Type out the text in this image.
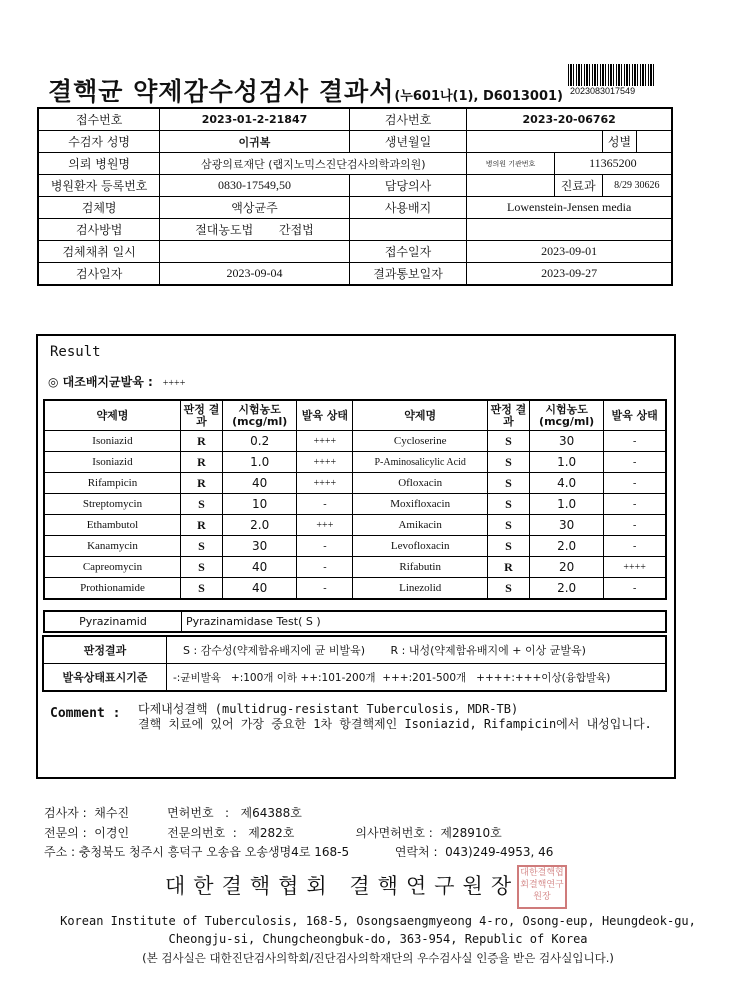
결핵균 약제감수성검사 결과서(누601나(1), D6013001) 2023083017549
접수번호	2023-01-2-21847	검사번호	2023-20-06762		
수검자 성명	이귀복	생년월일			성별

의뢰 병원명	삼광의료재단 (랩지노믹스진단검사의학과의원)		병의원 기관번호	11365200	
병원환자 등록번호	0830-17549,50	담당의사		진료과	8/29 30626
검체명	액상균주	사용배지	Lowenstein-Jensen media		
검사방법	절대농도법 간접법				
검체채취 일시		접수일자	2023-09-01		
검사일자	2023-09-04	결과통보일자	2023-09-27		
Result
◎ 대조배지균발육 : ++++
약제명	판정 결과	시험농도 (mcg/ml)	발육 상태	약제명	판정 결과	시험농도 (mcg/ml)	발육 상태
Isoniazid	R	0.2	++++	Cycloserine	S	30	-
Isoniazid	R	1.0	++++	P-Aminosalicylic Acid	S	1.0	-
Rifampicin	R	40	++++	Ofloxacin	S	4.0	-
Streptomycin	S	10	-	Moxifloxacin	S	1.0	-
Ethambutol	R	2.0	+++	Amikacin	S	30	-
Kanamycin	S	30	-	Levofloxacin	S	2.0	-
Capreomycin	S	40	-	Rifabutin	R	20	++++
Prothionamide	S	40	-	Linezolid	S	2.0	-
Pyrazinamid	Pyrazinamidase Test( S )
판정결과	S : 감수성(약제함유배지에 균 비발육) R : 내성(약제함유배지에 + 이상 균발육)
발육상태표시기준	-:균비발육   +:100개 이하 ++:101-200개  +++:201-500개   ++++:+++이상(융합발육)
Comment : 다제내성결핵 (multidrug-resistant Tuberculosis, MDR-TB)
결핵 치료에 있어 가장 중요한 1차 항결핵제인 Isoniazid, Rifampicin에서 내성입니다.
검사자 :  채수진          면허번호   :   제64388호
전문의 :  이경인          전문의번호  :   제282호                의사면허번호 :  제28910호
주소 : 충청북도 청주시 흥덕구 오송읍 오송생명4로 168-5            연락처 :  043)249-4953, 46
대한결핵협회 결핵연구원장
대한결핵협회결핵연구원장
Korean Institute of Tuberculosis, 168-5, Osongsaengmyeong 4-ro, Osong-eup, Heungdeok-gu,
Cheongju-si, Chungcheongbuk-do, 363-954, Republic of Korea
(본 검사실은 대한진단검사의학회/진단검사의학재단의 우수검사실 인증을 받은 검사실입니다.)
